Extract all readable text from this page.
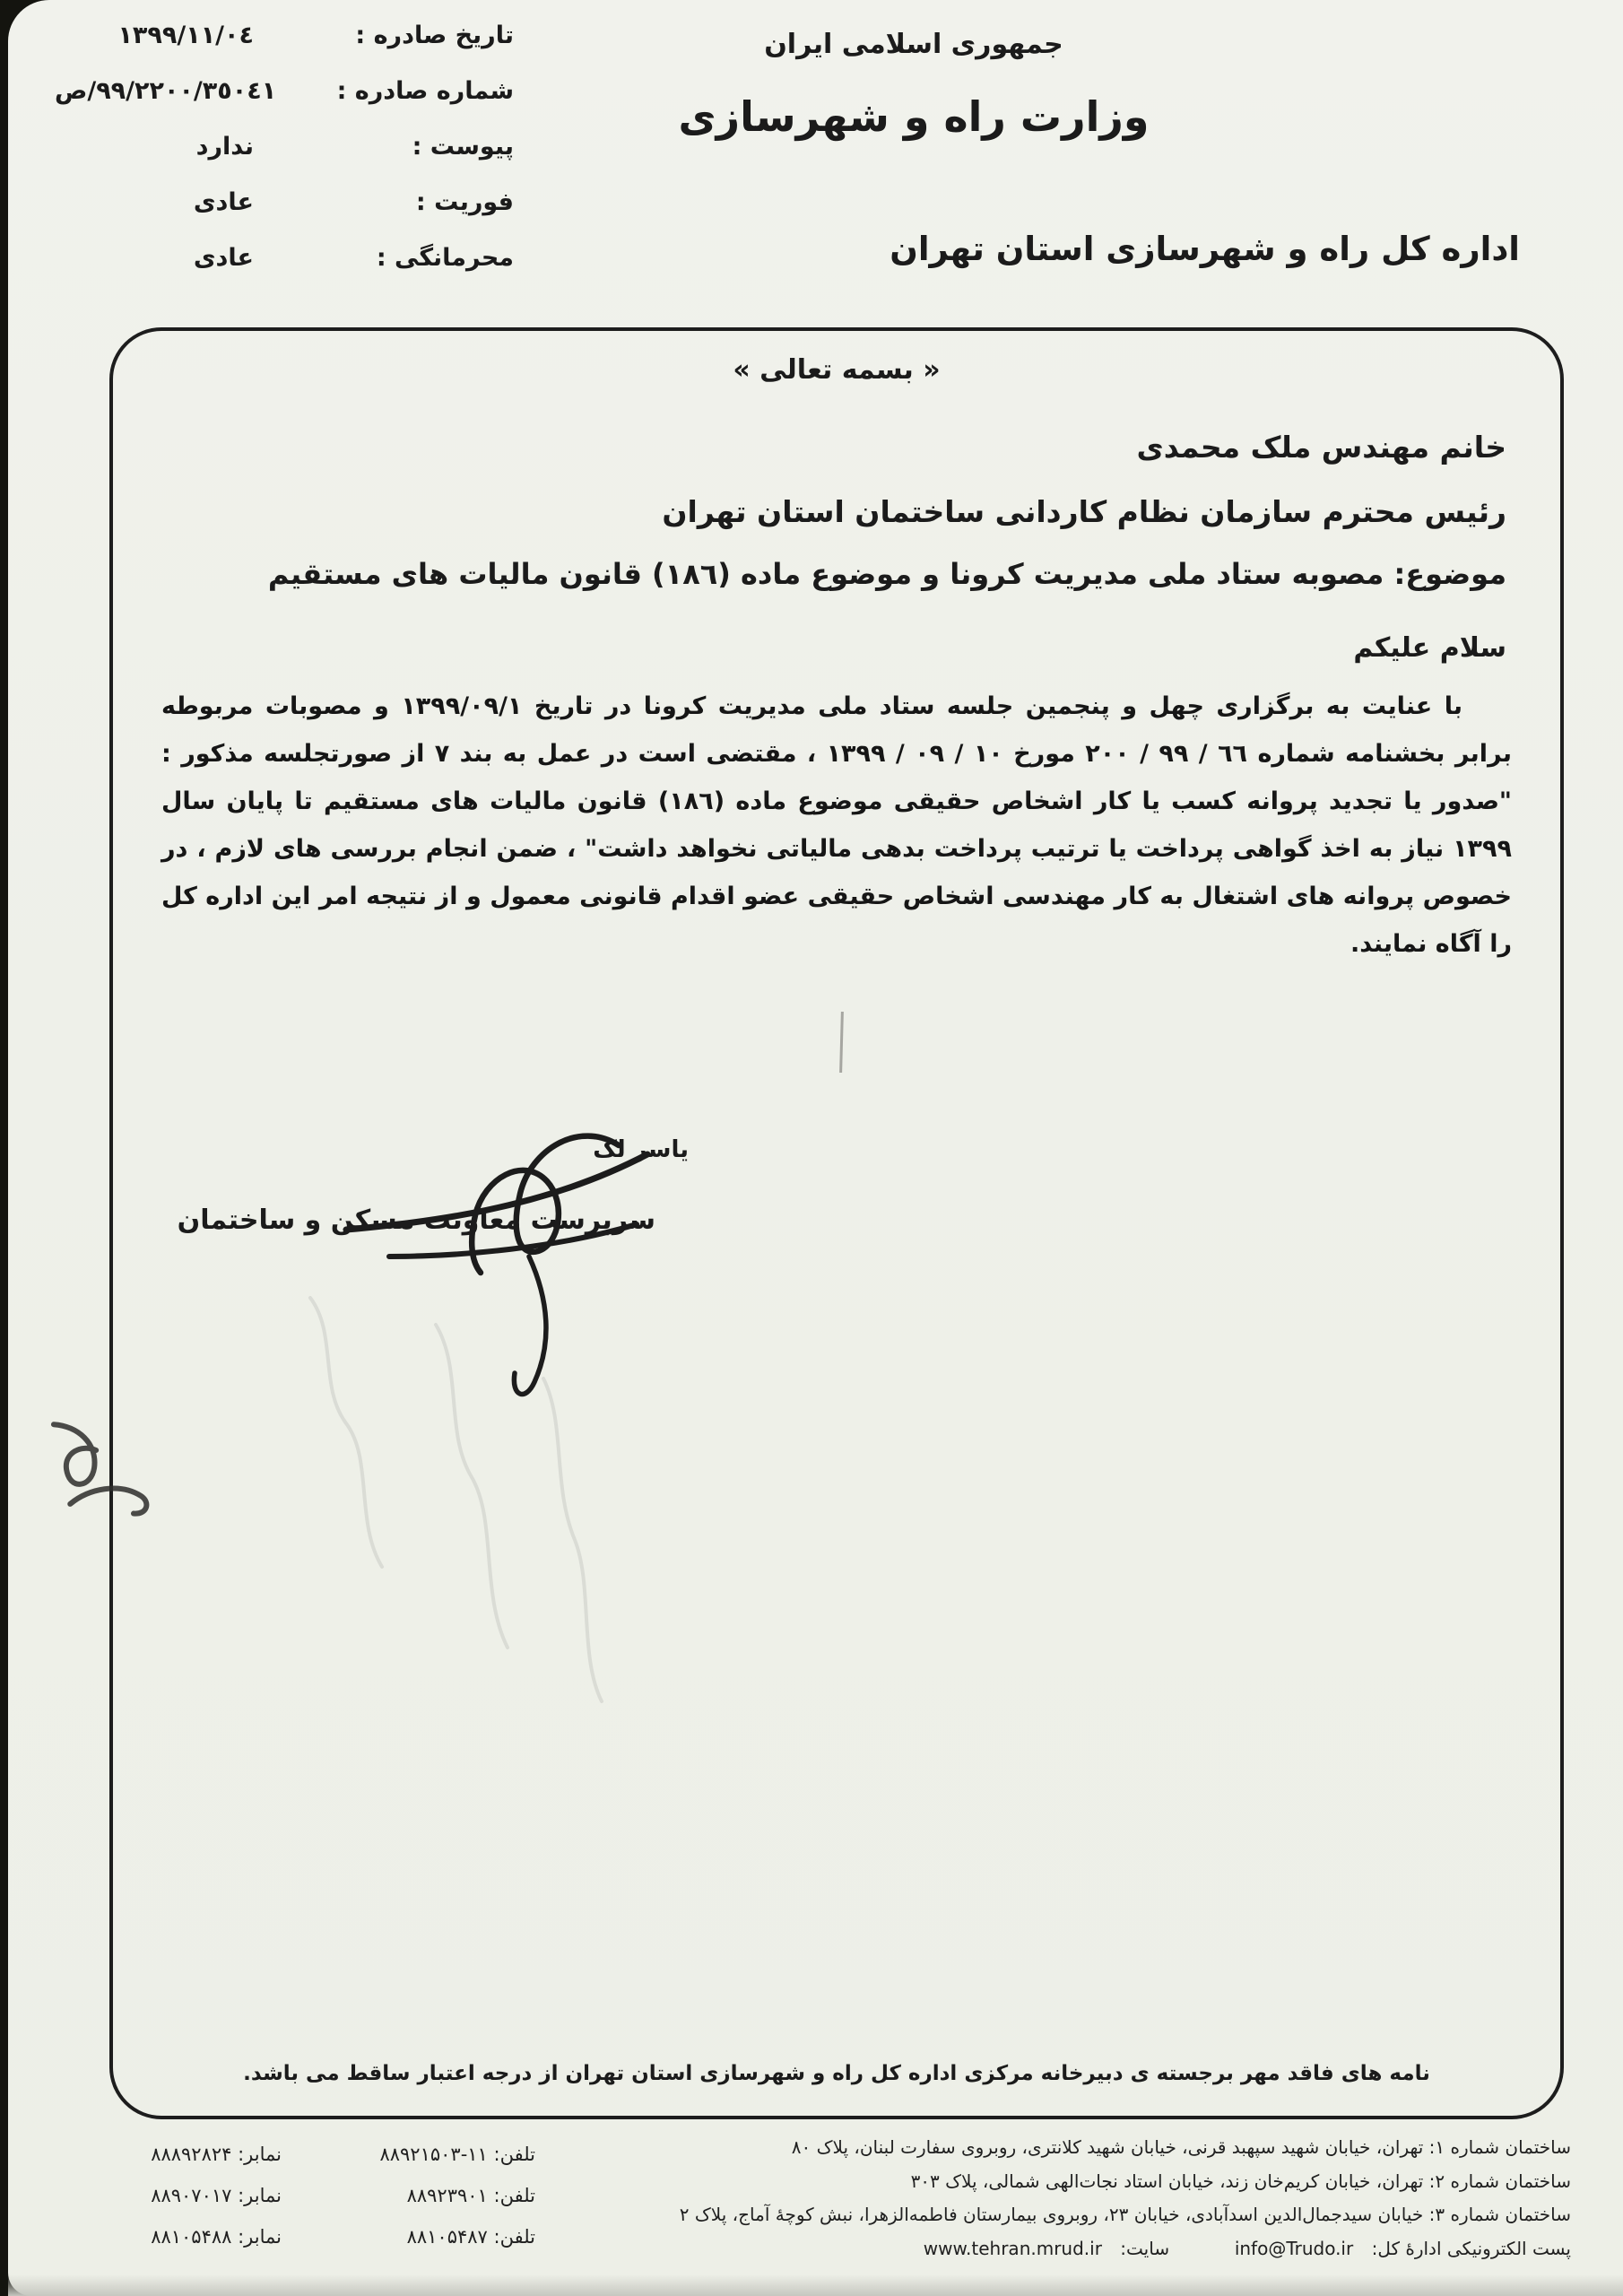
تاریخ صادره :
١٣٩٩/١١/٠٤
شماره صادره :
٩٩/٢٢٠٠/٣٥٠٤١/ص
پیوست :
ندارد
فوریت :
عادی
محرمانگی :
عادی
جمهوری اسلامی ایران
وزارت راه و شهرسازی
اداره کل راه و شهرسازی استان تهران
« بسمه تعالی »
خانم مهندس ملک محمدی
رئیس محترم سازمان نظام کاردانی ساختمان استان تهران
موضوع: مصوبه ستاد ملی مدیریت کرونا و موضوع ماده (١٨٦) قانون مالیات های مستقیم
سلام علیکم

با عنایت به برگزاری چهل و پنجمین جلسه ستاد ملی مدیریت کرونا در تاریخ ١٣٩٩/٠٩/١ و مصوبات مربوطه برابر بخشنامه شماره ٦٦ / ٩٩ / ٢٠٠ مورخ ١٠ / ٠٩ / ١٣٩٩ ، مقتضی است در عمل به بند ٧ از صورتجلسه مذکور : "صدور یا تجدید پروانه کسب یا کار اشخاص حقیقی موضوع ماده (١٨٦) قانون مالیات های مستقیم تا پایان سال ١٣٩٩ نیاز به اخذ گواهی پرداخت یا ترتیب پرداخت بدهی مالیاتی نخواهد داشت" ، ضمن انجام بررسی های لازم ، در خصوص پروانه های اشتغال به کار مهندسی اشخاص حقیقی عضو اقدام قانونی معمول و از نتیجه امر این اداره کل را آگاه نمایند.

یاسر لک
سرپرست معاونت مسکن و ساختمان
نامه های فاقد مهر برجسته ی دبیرخانه مرکزی اداره کل راه و شهرسازی استان تهران از درجه اعتبار ساقط می باشد.
ساختمان شماره ١: تهران، خیابان شهید سپهبد قرنی، خیابان شهید کلانتری، روبروی سفارت لبنان، پلاک ٨٠
ساختمان شماره ٢: تهران، خیابان کریم‌خان زند، خیابان استاد نجات‌الهی شمالی، پلاک ٣٠٣
ساختمان شماره ٣: خیابان سیدجمال‌الدین اسدآبادی، خیابان ٢٣، روبروی بیمارستان فاطمه‌الزهرا، نبش کوچۀ آماج، پلاک ٢
پست الکترونیکی ادارۀ کل: info@Trudo.ir  سایت: www.tehran.mrud.ir
تلفن: ۸۸۹۲۱۵۰۳-۱۱
تلفن: ۸۸۹۲۳۹۰۱
تلفن: ۸۸۱۰۵۴۸۷
نمابر: ۸۸۸۹۲۸۲۴
نمابر: ۸۸۹۰۷۰۱۷
نمابر: ۸۸۱۰۵۴۸۸
